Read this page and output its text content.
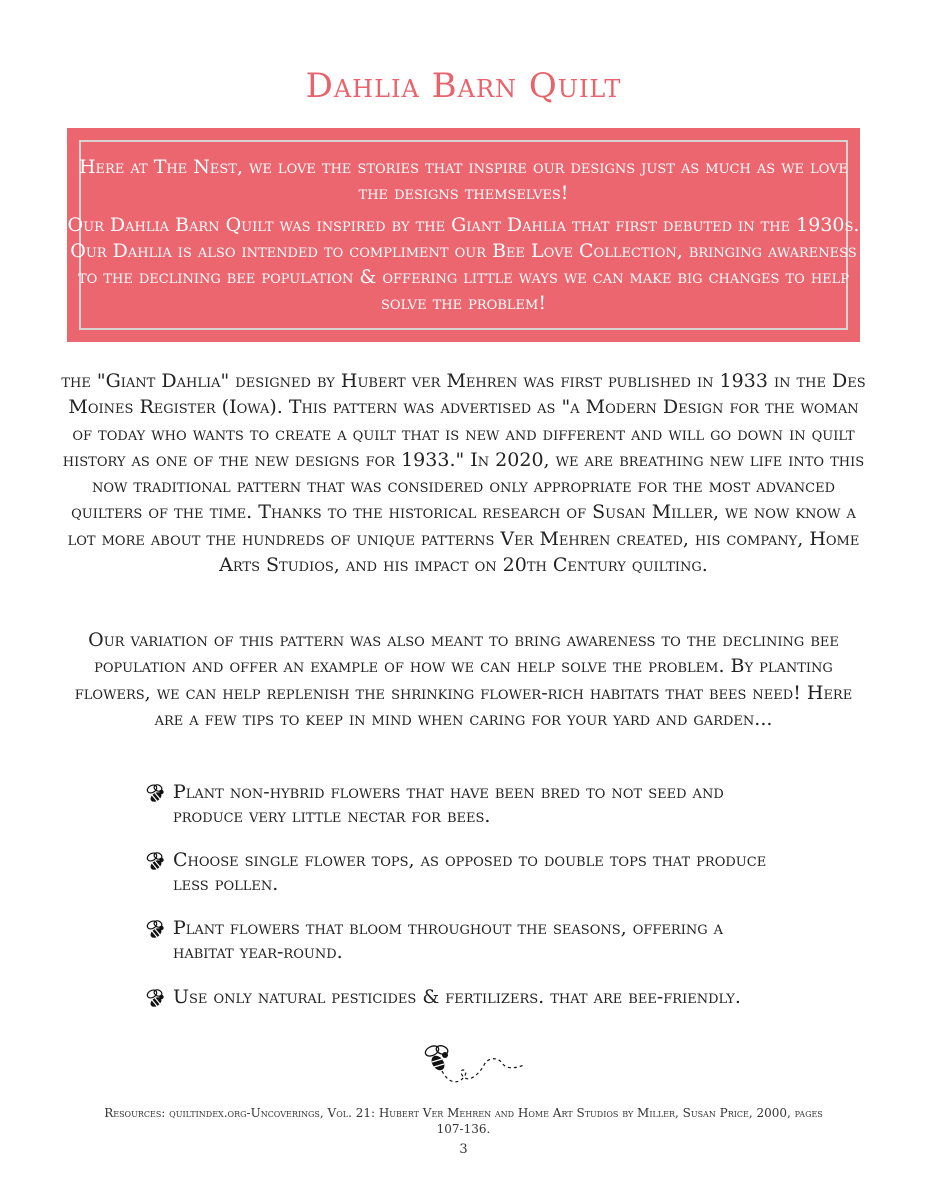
Dahlia Barn Quilt

Here at The Nest, we love the stories that inspire our designs just as much as we love the designs themselves!

Our Dahlia Barn Quilt was inspired by the Giant Dahlia that first debuted in the 1930s. Our Dahlia is also intended to compliment our Bee Love Collection, bringing awareness to the declining bee population & offering little ways we can make big changes to help solve the problem!

the "Giant Dahlia" designed by Hubert ver Mehren was first published in 1933 in the Des Moines Register (Iowa). This pattern was advertised as "a Modern Design for the woman of today who wants to create a quilt that is new and different and will go down in quilt history as one of the new designs for 1933." In 2020, we are breathing new life into this now traditional pattern that was considered only appropriate for the most advanced quilters of the time. Thanks to the historical research of Susan Miller, we now know a lot more about the hundreds of unique patterns Ver Mehren created, his company, Home Arts Studios, and his impact on 20th Century quilting.

Our variation of this pattern was also meant to bring awareness to the declining bee population and offer an example of how we can help solve the problem. By planting flowers, we can help replenish the shrinking flower-rich habitats that bees need! Here are a few tips to keep in mind when caring for your yard and garden...

Plant non-hybrid flowers that have been bred to not seed and produce very little nectar for bees.

Choose single flower tops, as opposed to double tops that produce less pollen.

Plant flowers that bloom throughout the seasons, offering a habitat year-round.

Use only natural pesticides & fertilizers. that are bee-friendly.

Resources: quiltindex.org-Uncoverings, Vol. 21: Hubert Ver Mehren and Home Art Studios by Miller, Susan Price, 2000, pages 107-136.

3
